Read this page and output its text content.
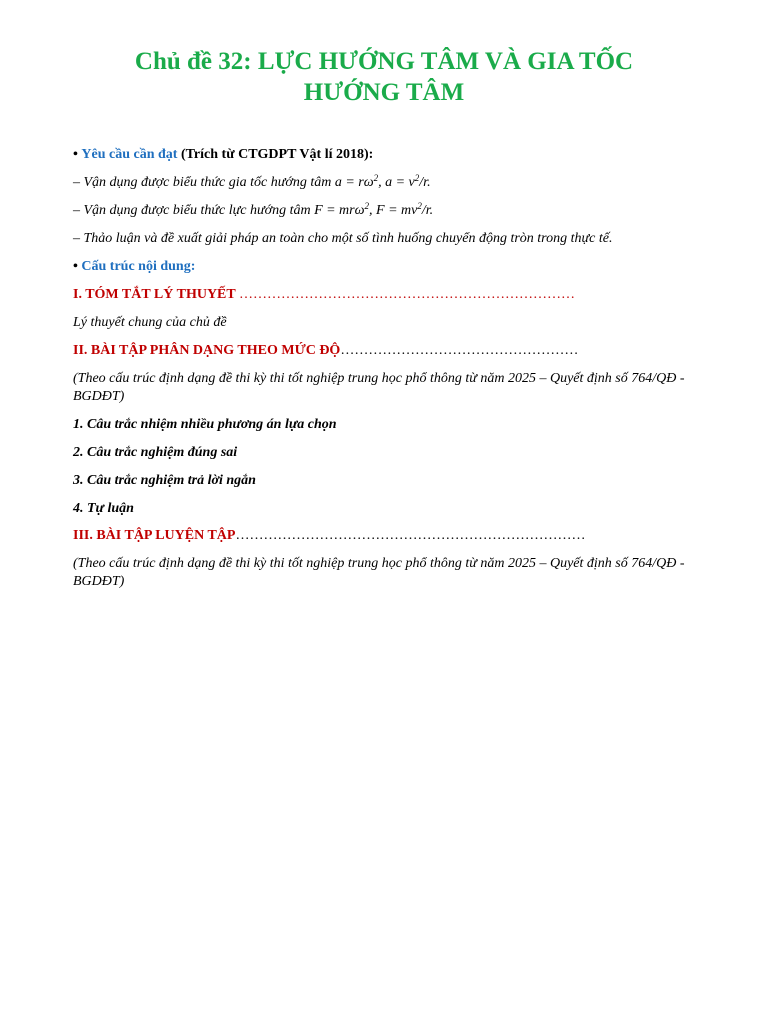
Chủ đề 32: LỰC HƯỚNG TÂM VÀ GIA TỐC
HƯỚNG TÂM
• Yêu cầu cần đạt (Trích từ CTGDPT Vật lí 2018):
– Vận dụng được biểu thức gia tốc hướng tâm $a = r\omega^2$, $a = v^2/r$.
– Vận dụng được biểu thức lực hướng tâm F = mrω$^2$, $F = mv^2/r$.
– Thảo luận và đề xuất giải pháp an toàn cho một số tình huống chuyển động tròn trong thực tế.
• Cấu trúc nội dung:
I. TÓM TẮT LÝ THUYẾT ………………………………………………………………
Lý thuyết chung của chủ đề
II. BÀI TẬP PHÂN DẠNG THEO MỨC ĐỘ……………………………………………
(Theo cấu trúc định dạng đề thi kỳ thi tốt nghiệp trung học phổ thông từ năm 2025 – Quyết định số 764/QĐ - BGDĐT)
1. Câu trắc nhiệm nhiều phương án lựa chọn
2. Câu trắc nghiệm đúng sai
3. Câu trắc nghiệm trả lời ngắn
4. Tự luận
III. BÀI TẬP LUYỆN TẬP…………………………………………………………………
(Theo cấu trúc định dạng đề thi kỳ thi tốt nghiệp trung học phổ thông từ năm 2025 – Quyết định số 764/QĐ - BGDĐT)
